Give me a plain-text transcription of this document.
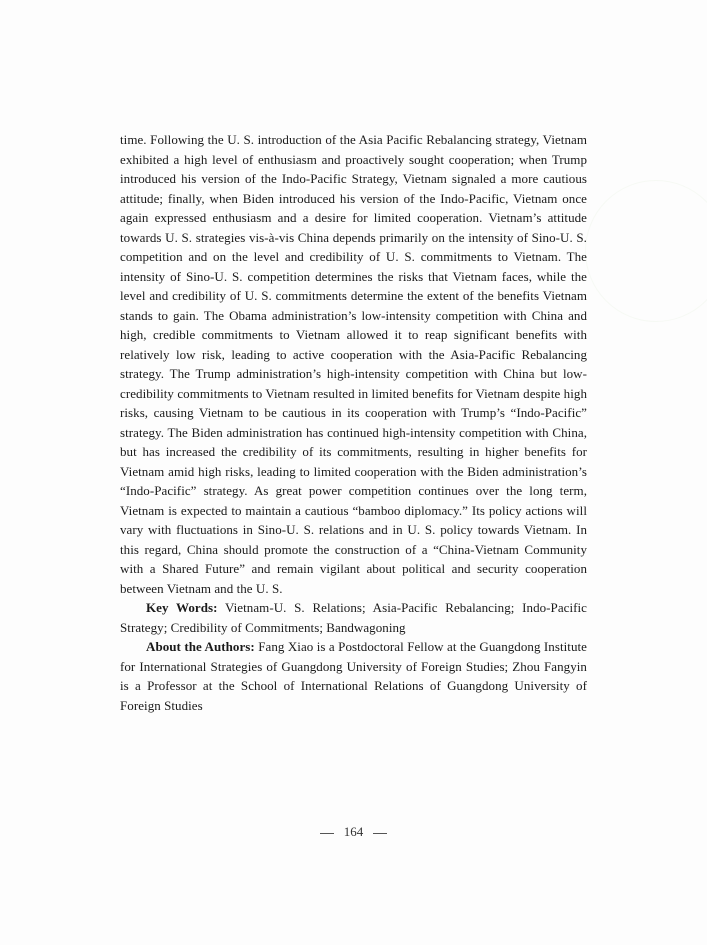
time. Following the U. S. introduction of the Asia Pacific Rebalancing strategy, Vietnam exhibited a high level of enthusiasm and proactively sought cooperation; when Trump introduced his version of the Indo-Pacific Strategy, Vietnam signaled a more cautious attitude; finally, when Biden introduced his version of the Indo-Pacific, Vietnam once again expressed enthusiasm and a desire for limited cooperation. Vietnam’s attitude towards U. S. strategies vis-à-vis China depends primarily on the intensity of Sino-U. S. competition and on the level and credibility of U. S. commitments to Vietnam. The intensity of Sino-U. S. competition determines the risks that Vietnam faces, while the level and credibility of U. S. commitments determine the extent of the benefits Vietnam stands to gain. The Obama administration’s low-intensity competition with China and high, credible commitments to Vietnam allowed it to reap significant benefits with relatively low risk, leading to active cooperation with the Asia-Pacific Rebalancing strategy. The Trump administration’s high-intensity competition with China but low-credibility commitments to Vietnam resulted in limited benefits for Vietnam despite high risks, causing Vietnam to be cautious in its cooperation with Trump’s “Indo-Pacific” strategy. The Biden administration has continued high-intensity competition with China, but has increased the credibility of its commitments, resulting in higher benefits for Vietnam amid high risks, leading to limited cooperation with the Biden administration’s “Indo-Pacific” strategy. As great power competition continues over the long term, Vietnam is expected to maintain a cautious “bamboo diplomacy.” Its policy actions will vary with fluctuations in Sino-U. S. relations and in U. S. policy towards Vietnam. In this regard, China should promote the construction of a “China-Vietnam Community with a Shared Future” and remain vigilant about political and security cooperation between Vietnam and the U. S.

Key Words: Vietnam-U. S. Relations; Asia-Pacific Rebalancing; Indo-Pacific Strategy; Credibility of Commitments; Bandwagoning

About the Authors: Fang Xiao is a Postdoctoral Fellow at the Guangdong Institute for International Strategies of Guangdong University of Foreign Studies; Zhou Fangyin is a Professor at the School of International Relations of Guangdong University of Foreign Studies

164
